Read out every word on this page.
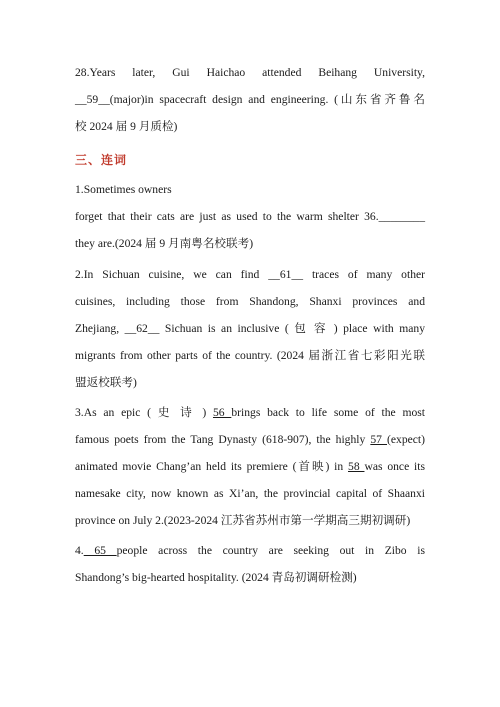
28.Years later, Gui Haichao attended Beihang University,
__59__(major)in spacecraft design and engineering. (山东省齐鲁名
校 2024 届 9 月质检)
三、连词
1.Sometimes owners
forget that their cats are just as used to the warm shelter 36.________
they are.(2024 届 9 月南粤名校联考)
2.In Sichuan cuisine, we can find __61__ traces of many other
cuisines, including those from Shandong, Shanxi provinces and
Zhejiang, __62__ Sichuan is an inclusive ( 包 容 ) place with many
migrants from other parts of the country. (2024 届浙江省七彩阳光联
盟返校联考)
3.As an epic ( 史 诗 ) 56 brings back to life some of the most
famous poets from the Tang Dynasty (618-907), the highly 57 (expect)
animated movie Chang’an held its premiere (首映) in 58 was once its
namesake city, now known as Xi’an, the provincial capital of Shaanxi
province on July 2.(2023-2024 江苏省苏州市第一学期高三期初调研)
4. 65 people across the country are seeking out in Zibo is
Shandong’s big-hearted hospitality. (2024 青岛初调研检测)
